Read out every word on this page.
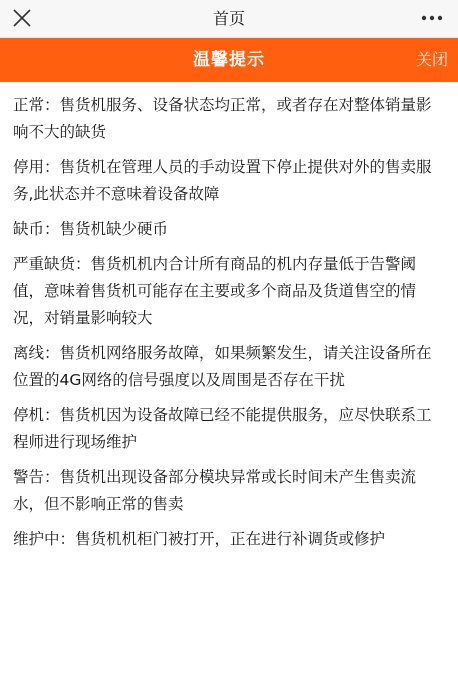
首页
温馨提示	关闭
正常：售货机服务、设备状态均正常，或者存在对整体销量影响不大的缺货
停用：售货机在管理人员的手动设置下停止提供对外的售卖服务,此状态并不意味着设备故障
缺币：售货机缺少硬币
严重缺货：售货机机内合计所有商品的机内存量低于告警阈值，意味着售货机可能存在主要或多个商品及货道售空的情况，对销量影响较大
离线：售货机网络服务故障，如果频繁发生，请关注设备所在位置的4G网络的信号强度以及周围是否存在干扰
停机：售货机因为设备故障已经不能提供服务，应尽快联系工程师进行现场维护
警告：售货机出现设备部分模块异常或长时间未产生售卖流水，但不影响正常的售卖
维护中：售货机机柜门被打开，正在进行补调货或修护
